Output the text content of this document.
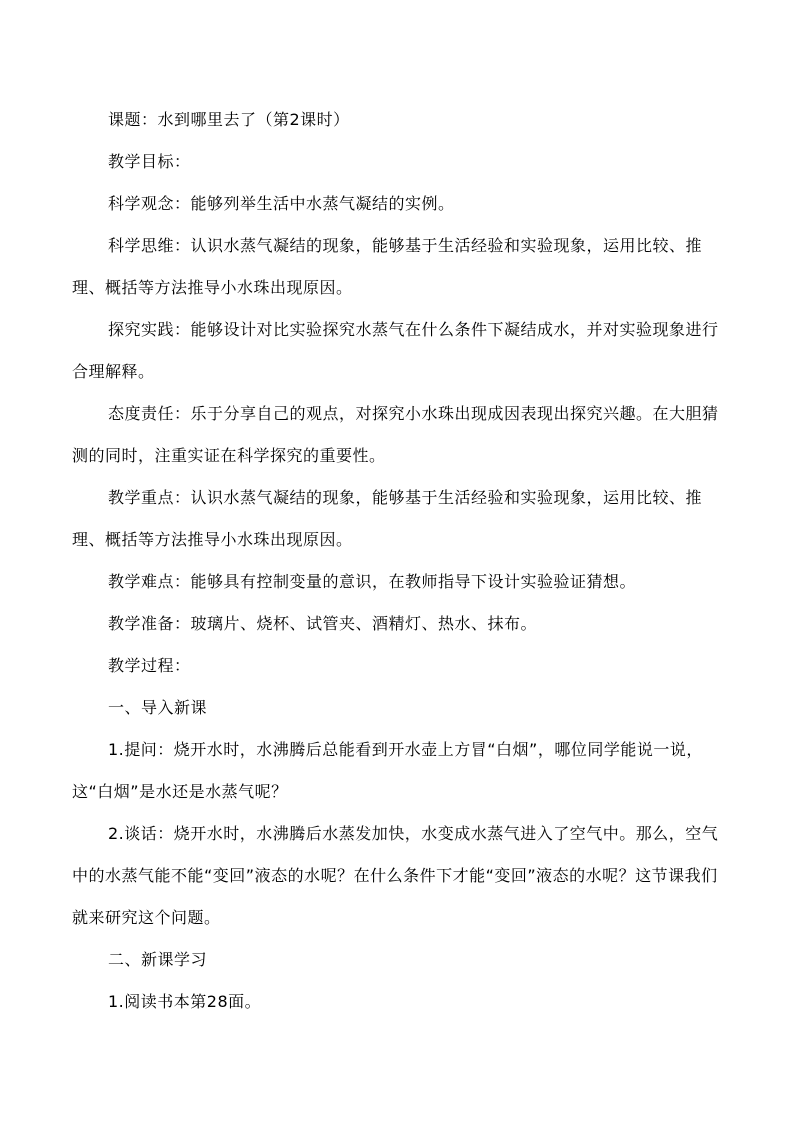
课题：水到哪里去了（第2课时）

教学目标：

科学观念：能够列举生活中水蒸气凝结的实例。

科学思维：认识水蒸气凝结的现象，能够基于生活经验和实验现象，运用比较、推理、概括等方法推导小水珠出现原因。

探究实践：能够设计对比实验探究水蒸气在什么条件下凝结成水，并对实验现象进行合理解释。

态度责任：乐于分享自己的观点，对探究小水珠出现成因表现出探究兴趣。在大胆猜测的同时，注重实证在科学探究的重要性。

教学重点：认识水蒸气凝结的现象，能够基于生活经验和实验现象，运用比较、推理、概括等方法推导小水珠出现原因。

教学难点：能够具有控制变量的意识，在教师指导下设计实验验证猜想。

教学准备：玻璃片、烧杯、试管夹、酒精灯、热水、抹布。

教学过程：

一、导入新课

1.提问：烧开水时，水沸腾后总能看到开水壶上方冒“白烟”，哪位同学能说一说，这“白烟”是水还是水蒸气呢？

2.谈话：烧开水时，水沸腾后水蒸发加快，水变成水蒸气进入了空气中。那么，空气中的水蒸气能不能“变回”液态的水呢？在什么条件下才能“变回”液态的水呢？这节课我们就来研究这个问题。

二、新课学习

1.阅读书本第28面。
